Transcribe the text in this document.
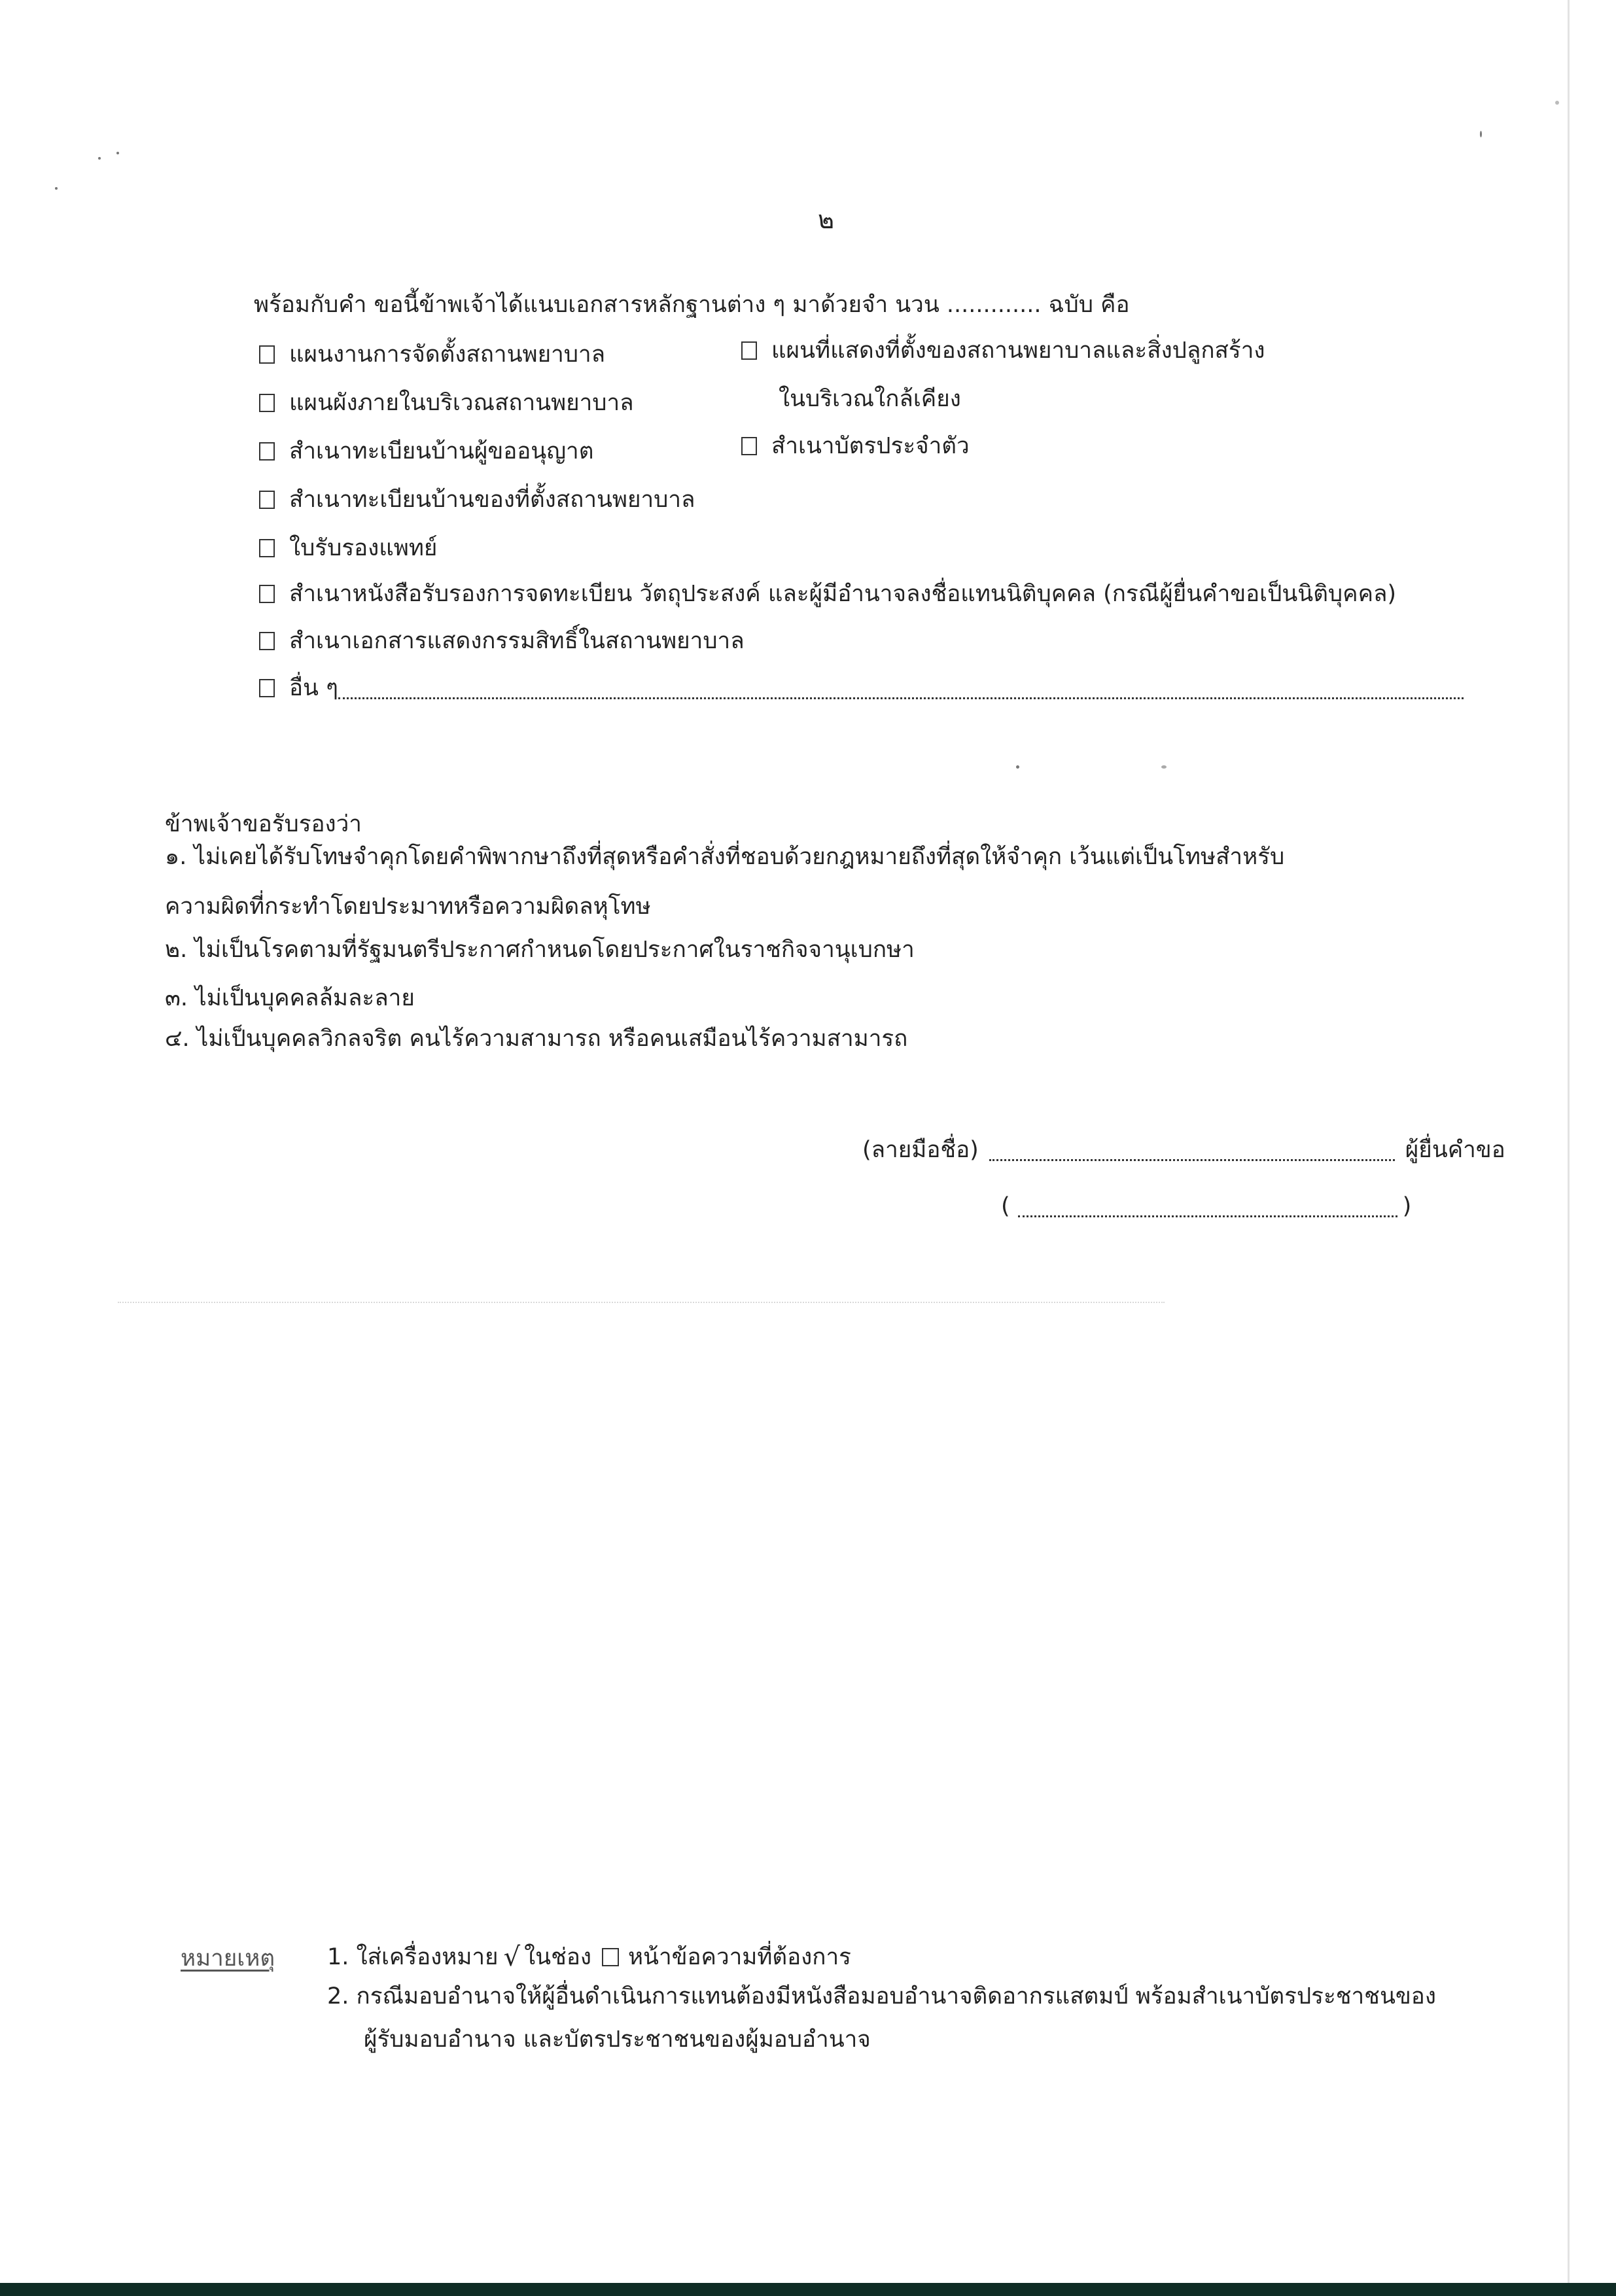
๒
พร้อมกับคำ ขอนี้ข้าพเจ้าได้แนบเอกสารหลักฐานต่าง ๆ มาด้วยจำ นวน ............. ฉบับ คือ
แผนงานการจัดตั้งสถานพยาบาล	แผนที่แสดงที่ตั้งของสถานพยาบาลและสิ่งปลูกสร้าง
ในบริเวณใกล้เคียง
แผนผังภายในบริเวณสถานพยาบาล
สำเนาทะเบียนบ้านผู้ขออนุญาต	สำเนาบัตรประจำตัว
สำเนาทะเบียนบ้านของที่ตั้งสถานพยาบาล
ใบรับรองแพทย์
สำเนาหนังสือรับรองการจดทะเบียน วัตถุประสงค์ และผู้มีอำนาจลงชื่อแทนนิติบุคคล (กรณีผู้ยื่นคำขอเป็นนิติบุคคล)
สำเนาเอกสารแสดงกรรมสิทธิ์ในสถานพยาบาล
อื่น ๆ
ข้าพเจ้าขอรับรองว่า
๑. ไม่เคยได้รับโทษจำคุกโดยคำพิพากษาถึงที่สุดหรือคำสั่งที่ชอบด้วยกฎหมายถึงที่สุดให้จำคุก เว้นแต่เป็นโทษสำหรับ
ความผิดที่กระทำโดยประมาทหรือความผิดลหุโทษ
๒. ไม่เป็นโรคตามที่รัฐมนตรีประกาศกำหนดโดยประกาศในราชกิจจานุเบกษา
๓. ไม่เป็นบุคคลล้มละลาย
๔. ไม่เป็นบุคคลวิกลจริต คนไร้ความสามารถ หรือคนเสมือนไร้ความสามารถ
(ลายมือชื่อ)	ผู้ยื่นคำขอ
(	)
หมายเหตุ 1. ใส่เครื่องหมาย √ ในช่อง หน้าข้อความที่ต้องการ
2. กรณีมอบอำนาจให้ผู้อื่นดำเนินการแทนต้องมีหนังสือมอบอำนาจติดอากรแสตมป์ พร้อมสำเนาบัตรประชาชนของ
ผู้รับมอบอำนาจ และบัตรประชาชนของผู้มอบอำนาจ
